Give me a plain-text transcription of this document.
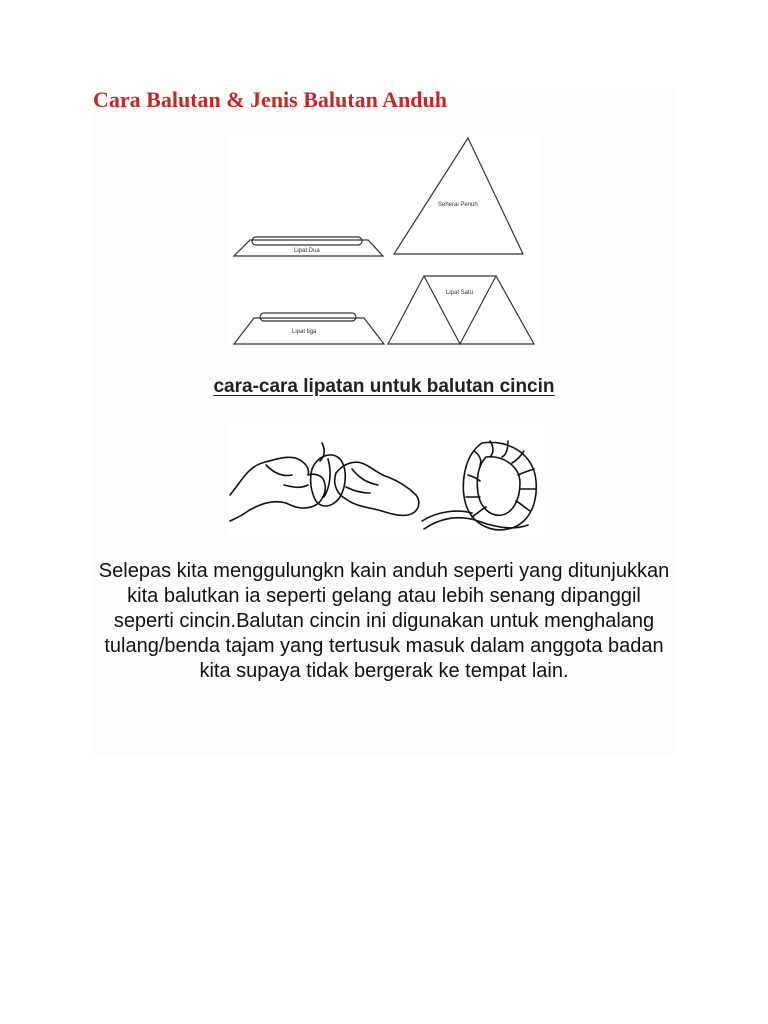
Cara Balutan & Jenis Balutan Anduh
Seherai Penuh
Lipat Dua
Lipat Satu
Lipat tiga

cara-cara lipatan untuk balutan cincin

Selepas kita menggulungkn kain anduh seperti yang ditunjukkan kita balutkan ia seperti gelang atau lebih senang dipanggil seperti cincin.Balutan cincin ini digunakan untuk menghalang tulang/benda tajam yang tertusuk masuk dalam anggota badan kita supaya tidak bergerak ke tempat lain.
